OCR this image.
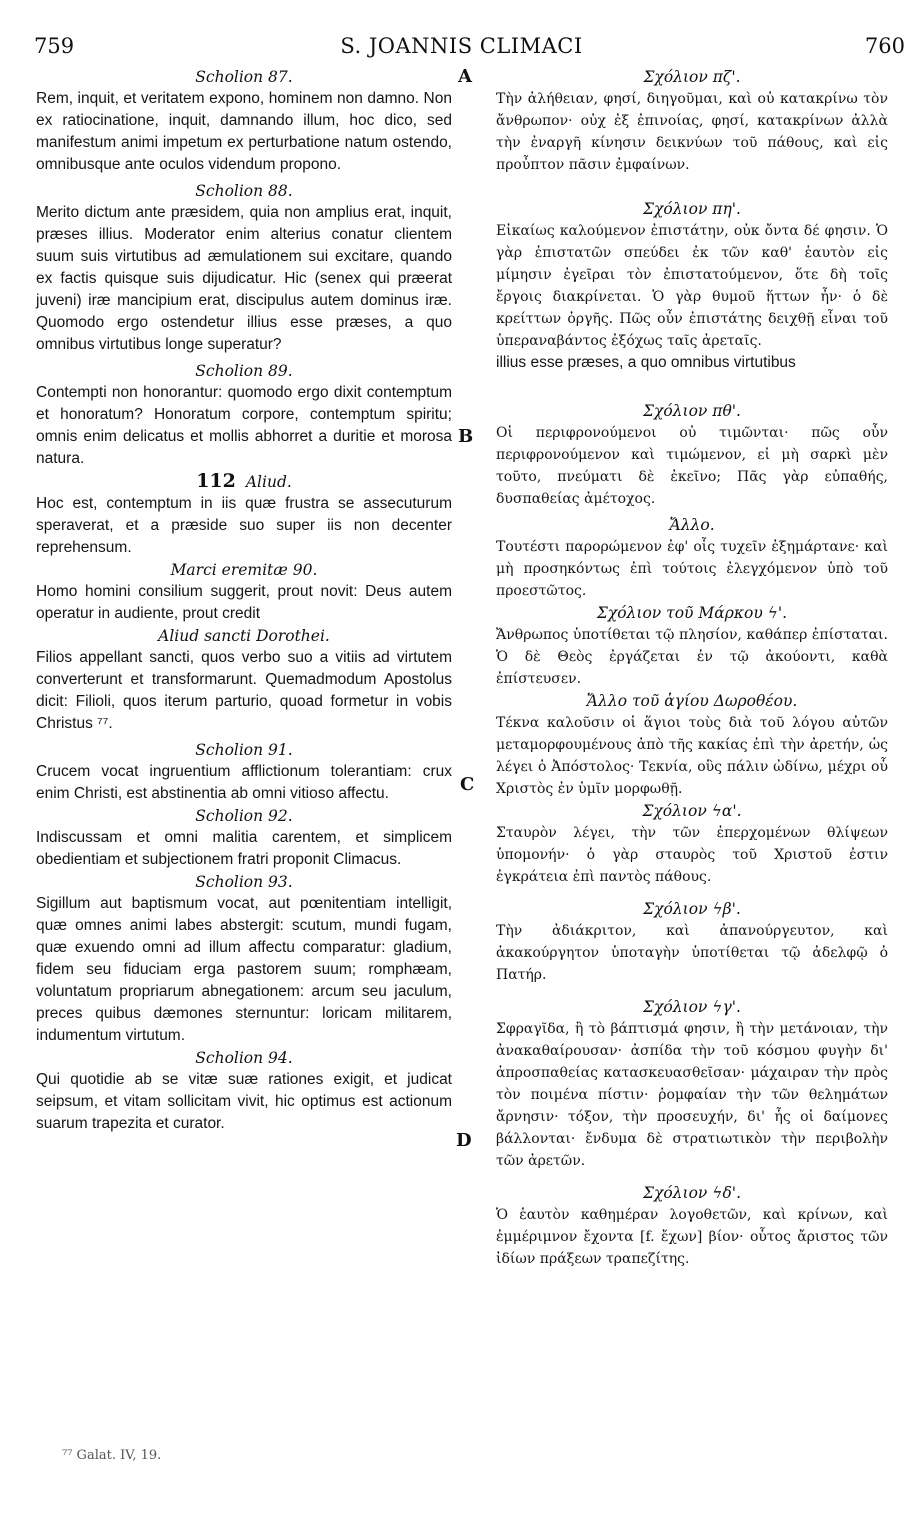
759	S. JOANNIS CLIMACI	760
A
B
C
D

Scholion 87.

Rem, inquit, et veritatem expono, hominem non damno. Non ex ratiocinatione, inquit, damnando illum, hoc dico, sed manifestum animi impetum ex perturbatione natum ostendo, omnibusque ante oculos videndum propono.

Scholion 88.

Merito dictum ante præsidem, quia non amplius erat, inquit, præses illius. Moderator enim alterius conatur clientem suum suis virtutibus ad æmulationem sui excitare, quando ex factis quisque suis dijudicatur. Hic (senex qui præerat juveni) iræ mancipium erat, discipulus autem dominus iræ. Quomodo ergo ostendetur illius esse præses, a quo omnibus virtutibus longe superatur?

Scholion 89.

Contempti non honorantur: quomodo ergo dixit contemptum et honoratum? Honoratum corpore, contemptum spiritu; omnis enim delicatus et mollis abhorret a duritie et morosa natura.

112 Aliud.

Hoc est, contemptum in iis quæ frustra se assecuturum speraverat, et a præside suo super iis non decenter reprehensum.

Marci eremitæ 90.

Homo homini consilium suggerit, prout novit: Deus autem operatur in audiente, prout credit

Aliud sancti Dorothei.

Filios appellant sancti, quos verbo suo a vitiis ad virtutem converterunt et transformarunt. Quemadmodum Apostolus dicit: Filioli, quos iterum parturio, quoad formetur in vobis Christus ⁷⁷.

Scholion 91.

Crucem vocat ingruentium afflictionum tolerantiam: crux enim Christi, est abstinentia ab omni vitioso affectu.

Scholion 92.

Indiscussam et omni malitia carentem, et simplicem obedientiam et subjectionem fratri proponit Climacus.

Scholion 93.

Sigillum aut baptismum vocat, aut pœnitentiam intelligit, quæ omnes animi labes abstergit: scutum, mundi fugam, quæ exuendo omni ad illum affectu comparatur: gladium, fidem seu fiduciam erga pastorem suum; romphæam, voluntatum propriarum abnegationem: arcum seu jaculum, preces quibus dæmones sternuntur: loricam militarem, indumentum virtutum.

Scholion 94.

Qui quotidie ab se vitæ suæ rationes exigit, et judicat seipsum, et vitam sollicitam vivit, hic optimus est actionum suarum trapezita et curator.

Σχόλιον πζ'.

Τὴν ἀλήθειαν, φησί, διηγοῦμαι, καὶ οὐ κατακρίνω τὸν ἄνθρωπον· οὐχ ἐξ ἐπινοίας, φησί, κατακρίνων ἀλλὰ τὴν ἐναργῆ κίνησιν δεικνύων τοῦ πάθους, καὶ εἰς προὖπτον πᾶσιν ἐμφαίνων.

Σχόλιον πη'.

Εἰκαίως καλούμενον ἐπιστάτην, οὐκ ὄντα δέ φησιν. Ὁ γὰρ ἐπιστατῶν σπεύδει ἐκ τῶν καθ' ἑαυτὸν εἰς μίμησιν ἐγεῖραι τὸν ἐπιστατούμενον, ὅτε δὴ τοῖς ἔργοις διακρίνεται. Ὁ γὰρ θυμοῦ ἥττων ἦν· ὁ δὲ κρείττων ὀργῆς. Πῶς οὖν ἐπιστάτης δειχθῇ εἶναι τοῦ ὑπεραναβάντος ἐξόχως ταῖς ἀρεταῖς.

illius esse præses, a quo omnibus virtutibus

Σχόλιον πθ'.

Οἱ περιφρονούμενοι οὐ τιμῶνται· πῶς οὖν περιφρονούμενον καὶ τιμώμενον, εἰ μὴ σαρκὶ μὲν τοῦτο, πνεύματι δὲ ἐκεῖνο; Πᾶς γὰρ εὐπαθής, δυσπαθείας ἀμέτοχος.

Ἄλλο.

Τουτέστι παρορώμενον ἐφ' οἷς τυχεῖν ἐξημάρτανε· καὶ μὴ προσηκόντως ἐπὶ τούτοις ἐλεγχόμενον ὑπὸ τοῦ προεστῶτος.

Σχόλιον τοῦ Μάρκου ϟ'.

Ἄνθρωπος ὑποτίθεται τῷ πλησίον, καθάπερ ἐπίσταται. Ὁ δὲ Θεὸς ἐργάζεται ἐν τῷ ἀκούοντι, καθὰ ἐπίστευσεν.

Ἄλλο τοῦ ἁγίου Δωροθέου.

Τέκνα καλοῦσιν οἱ ἅγιοι τοὺς διὰ τοῦ λόγου αὐτῶν μεταμορφουμένους ἀπὸ τῆς κακίας ἐπὶ τὴν ἀρετήν, ὡς λέγει ὁ Ἀπόστολος· Τεκνία, οὓς πάλιν ὠδίνω, μέχρι οὗ Χριστὸς ἐν ὑμῖν μορφωθῇ.

Σχόλιον ϟα'.

Σταυρὸν λέγει, τὴν τῶν ἐπερχομένων θλίψεων ὑπομονήν· ὁ γὰρ σταυρὸς τοῦ Χριστοῦ ἐστιν ἐγκράτεια ἐπὶ παντὸς πάθους.

Σχόλιον ϟβ'.

Τὴν ἀδιάκριτον, καὶ ἀπανούργευτον, καὶ ἀκακούργητον ὑποταγὴν ὑποτίθεται τῷ ἀδελφῷ ὁ Πατήρ.

Σχόλιον ϟγ'.

Σφραγῖδα, ἢ τὸ βάπτισμά φησιν, ἢ τὴν μετάνοιαν, τὴν ἀνακαθαίρουσαν· ἀσπίδα τὴν τοῦ κόσμου φυγὴν δι' ἀπροσπαθείας κατασκευασθεῖσαν· μάχαιραν τὴν πρὸς τὸν ποιμένα πίστιν· ῥομφαίαν τὴν τῶν θελημάτων ἄρνησιν· τόξον, τὴν προσευχήν, δι' ἧς οἱ δαίμονες βάλλονται· ἔνδυμα δὲ στρατιωτικὸν τὴν περιβολὴν τῶν ἀρετῶν.

Σχόλιον ϟδ'.

Ὁ ἑαυτὸν καθημέραν λογοθετῶν, καὶ κρίνων, καὶ ἐμμέριμνον ἔχοντα [f. ἔχων] βίον· οὗτος ἄριστος τῶν ἰδίων πράξεων τραπεζίτης.

⁷⁷ Galat. IV, 19.
